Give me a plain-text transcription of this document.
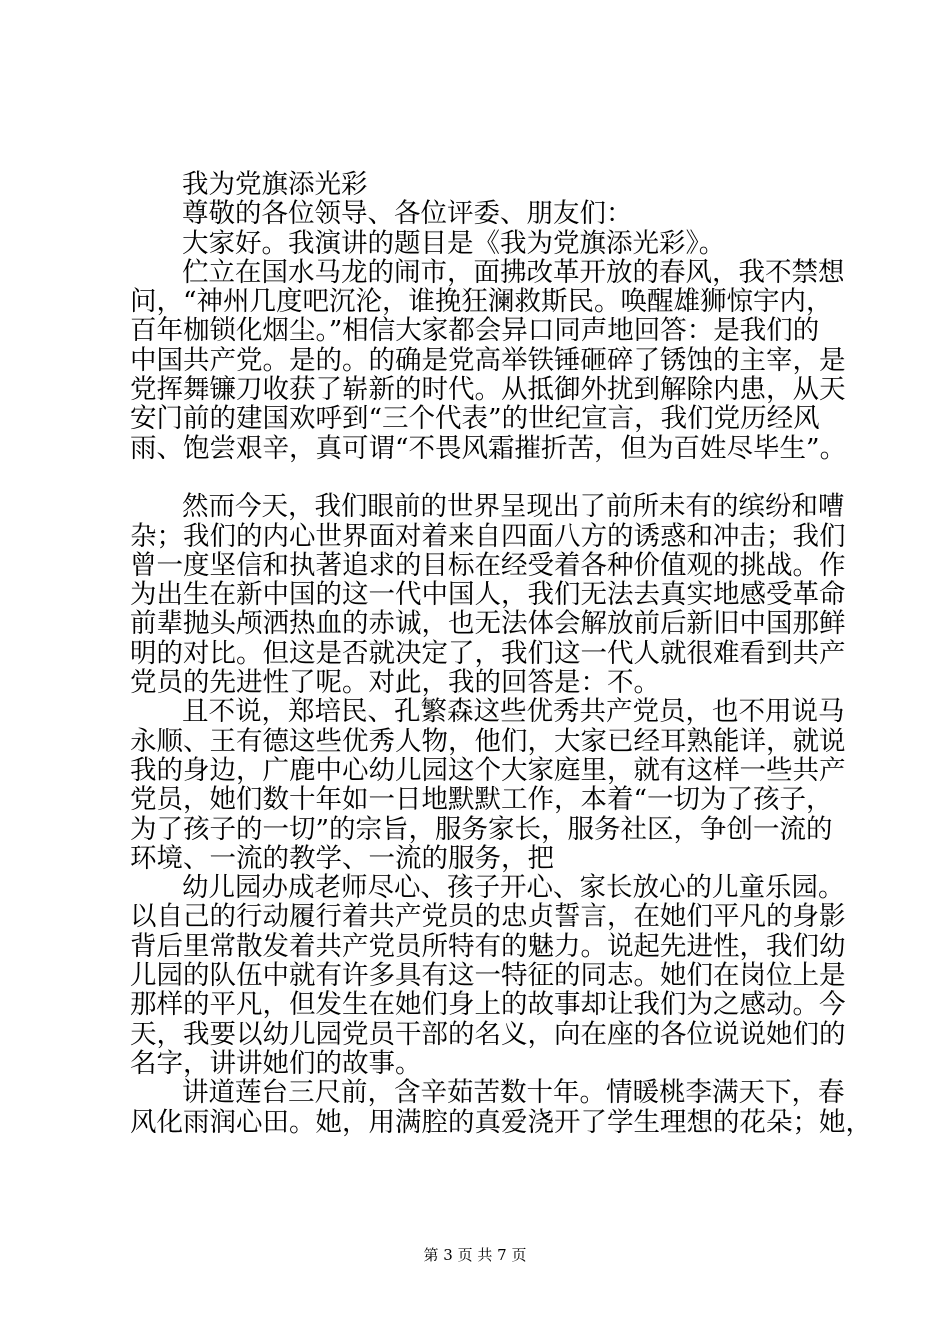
我为党旗添光彩
尊敬的各位领导、各位评委、朋友们：
大家好。我演讲的题目是《我为党旗添光彩》。
伫立在国水马龙的闹市，面拂改革开放的春风，我不禁想
问，“神州几度吧沉沦，谁挽狂澜救斯民。唤醒雄狮惊宇内，
百年枷锁化烟尘。”相信大家都会异口同声地回答：是我们的
中国共产党。是的。的确是党高举铁锤砸碎了锈蚀的主宰，是
党挥舞镰刀收获了崭新的时代。从抵御外扰到解除内患，从天
安门前的建国欢呼到“三个代表”的世纪宣言，我们党历经风
雨、饱尝艰辛，真可谓“不畏风霜摧折苦，但为百姓尽毕生”。
然而今天，我们眼前的世界呈现出了前所未有的缤纷和嘈
杂；我们的内心世界面对着来自四面八方的诱惑和冲击；我们
曾一度坚信和执著追求的目标在经受着各种价值观的挑战。作
为出生在新中国的这一代中国人，我们无法去真实地感受革命
前辈抛头颅洒热血的赤诚，也无法体会解放前后新旧中国那鲜
明的对比。但这是否就决定了，我们这一代人就很难看到共产
党员的先进性了呢。对此，我的回答是：不。
且不说，郑培民、孔繁森这些优秀共产党员，也不用说马
永顺、王有德这些优秀人物，他们，大家已经耳熟能详，就说
我的身边，广鹿中心幼儿园这个大家庭里，就有这样一些共产
党员，她们数十年如一日地默默工作，本着“一切为了孩子，
为了孩子的一切”的宗旨，服务家长，服务社区，争创一流的
环境、一流的教学、一流的服务，把
幼儿园办成老师尽心、孩子开心、家长放心的儿童乐园。
以自己的行动履行着共产党员的忠贞誓言，在她们平凡的身影
背后里常散发着共产党员所特有的魅力。说起先进性，我们幼
儿园的队伍中就有许多具有这一特征的同志。她们在岗位上是
那样的平凡，但发生在她们身上的故事却让我们为之感动。今
天，我要以幼儿园党员干部的名义，向在座的各位说说她们的
名字，讲讲她们的故事。
讲道莲台三尺前，含辛茹苦数十年。情暖桃李满天下，春
风化雨润心田。她，用满腔的真爱浇开了学生理想的花朵；她，
第 3 页 共 7 页
